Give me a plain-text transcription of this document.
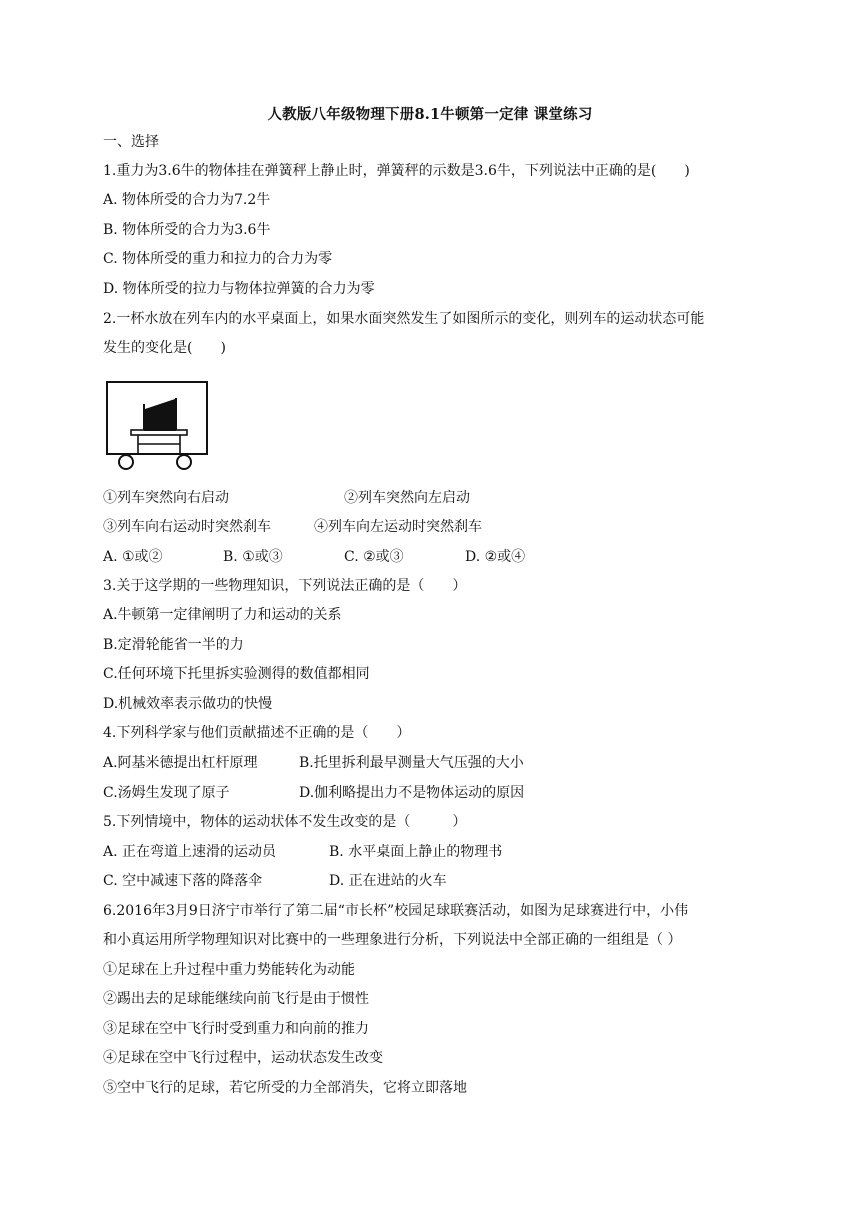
人教版八年级物理下册8.1牛顿第一定律 课堂练习
一、选择
1.重力为3.6牛的物体挂在弹簧秤上静止时，弹簧秤的示数是3.6牛，下列说法中正确的是(　　)
A. 物体所受的合力为7.2牛
B. 物体所受的合力为3.6牛
C. 物体所受的重力和拉力的合力为零
D. 物体所受的拉力与物体拉弹簧的合力为零
2.一杯水放在列车内的水平桌面上，如果水面突然发生了如图所示的变化，则列车的运动状态可能
发生的变化是(　　)
①列车突然向右启动	②列车突然向左启动
③列车向右运动时突然刹车	④列车向左运动时突然刹车
A. ①或②	B. ①或③	C. ②或③	D. ②或④
3.关于这学期的一些物理知识，下列说法正确的是（　　）
A.牛顿第一定律阐明了力和运动的关系
B.定滑轮能省一半的力
C.任何环境下托里拆实验测得的数值都相同
D.机械效率表示做功的快慢
4.下列科学家与他们贡献描述不正确的是（　　）
A.阿基米德提出杠杆原理	B.托里拆利最早测量大气压强的大小
C.汤姆生发现了原子	D.伽利略提出力不是物体运动的原因
5.下列情境中，物体的运动状体不发生改变的是（　　　）
A. 正在弯道上速滑的运动员	B. 水平桌面上静止的物理书
C. 空中减速下落的降落伞	D. 正在进站的火车
6.2016年3月9日济宁市举行了第二届“市长杯”校园足球联赛活动，如图为足球赛进行中，小伟
和小真运用所学物理知识对比赛中的一些理象进行分析，下列说法中全部正确的一组组是（ ）
①足球在上升过程中重力势能转化为动能
②踢出去的足球能继续向前飞行是由于惯性
③足球在空中飞行时受到重力和向前的推力
④足球在空中飞行过程中，运动状态发生改变
⑤空中飞行的足球，若它所受的力全部消失，它将立即落地
